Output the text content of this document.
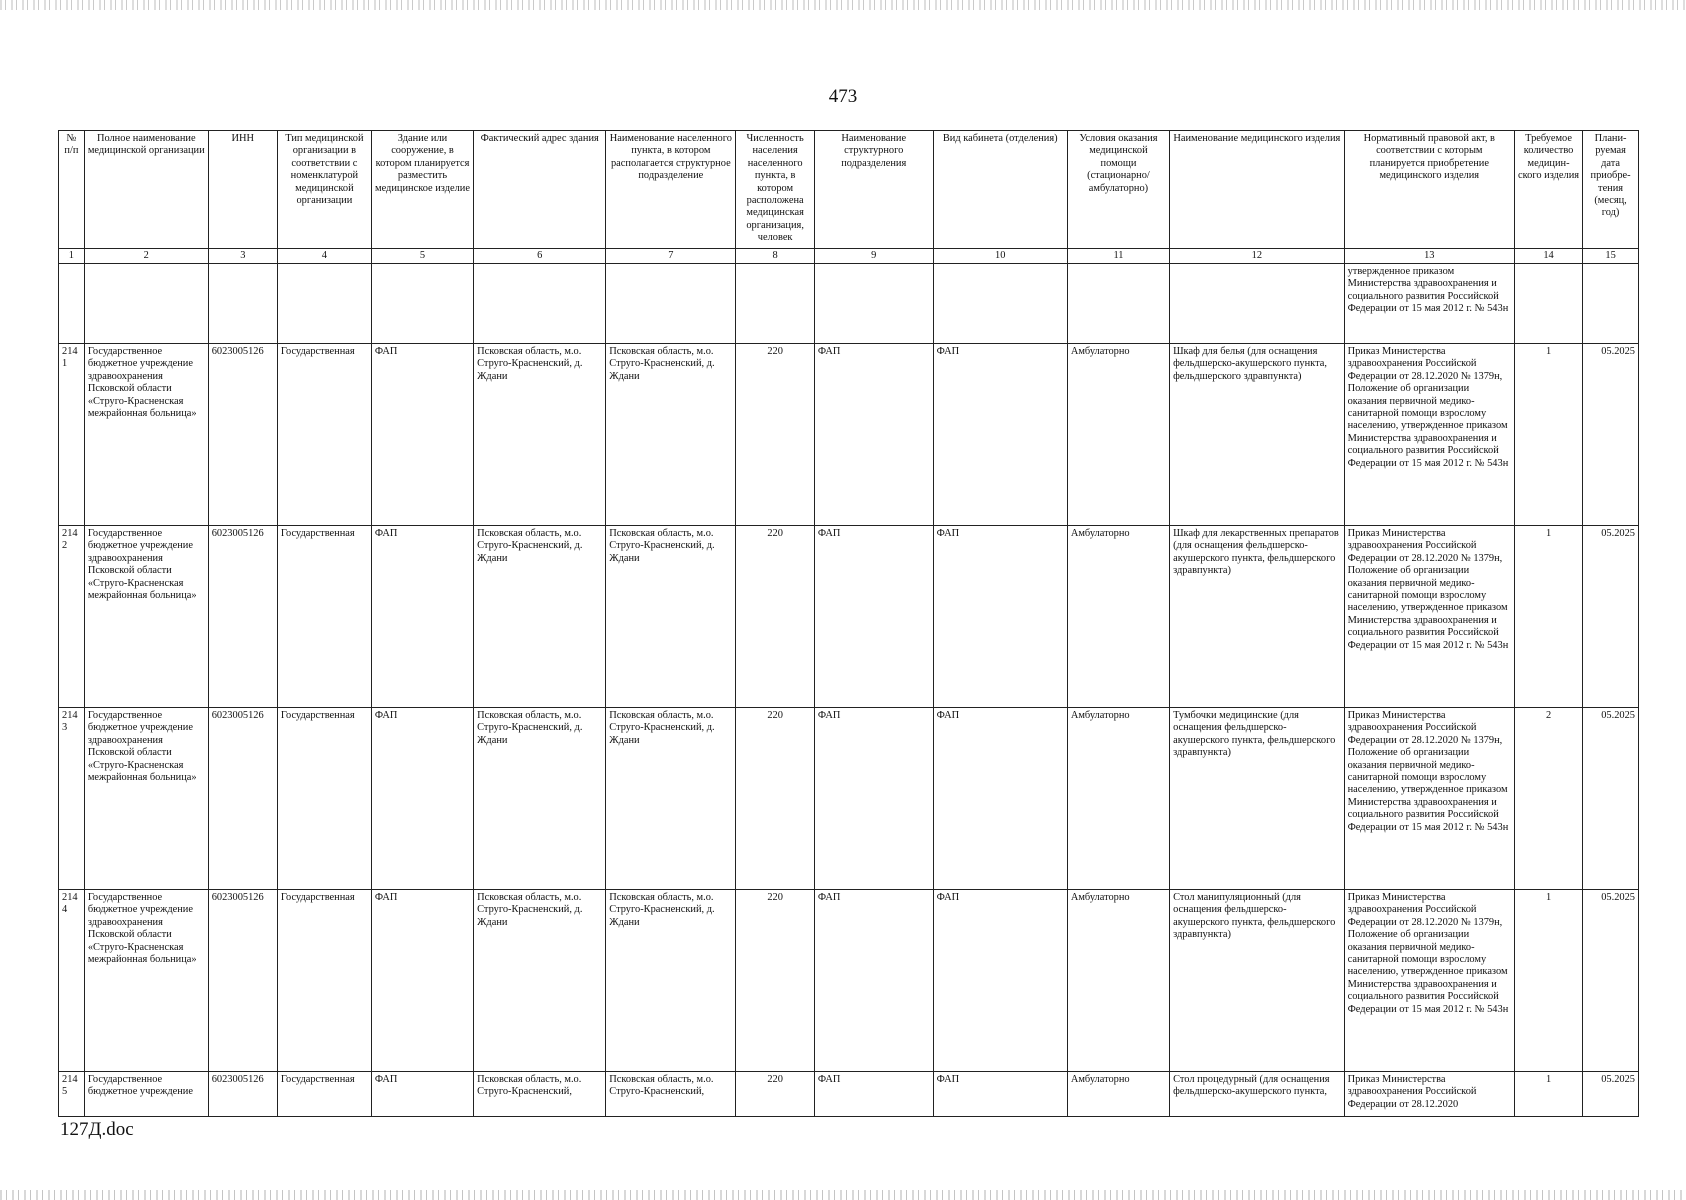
473
№ п/п	Полное наименование медицинской организации	ИНН	Тип медицинской организации в соответствии с номенклатурой медицинской организации	Здание или сооружение, в котором планируется разместить медицинское изделие	Фактический адрес здания	Наименование населенного пункта, в котором располагается структурное подразделение	Численность населения населенного пункта, в котором расположена медицинская организация, человек	Наименование структурного подразделения	Вид кабинета (отделения)	Условия оказания медицинской помощи (стационарно/ амбулаторно)	Наименование медицинского изделия	Нормативный правовой акт, в соответствии с которым планируется приобретение медицинского изделия	Требуемое количество медицин-ского изделия	Плани-руемая дата приобре-тения (месяц, год)
1	2	3	4	5	6	7	8	9	10	11	12	13	14	15
												утвержденное приказом Министерства здравоохранения и социального развития Российской Федерации от 15 мая 2012 г. № 543н		
2141	Государственное бюджетное учреждение здравоохранения Псковской области «Струго-Красненская межрайонная больница»	6023005126	Государственная	ФАП	Псковская область, м.о. Струго-Красненский, д. Ждани	Псковская область, м.о. Струго-Красненский, д. Ждани	220	ФАП	ФАП	Амбулаторно	Шкаф для белья (для оснащения фельдшерско-акушерского пункта, фельдшерского здравпункта)	Приказ Министерства здравоохранения Российской Федерации от 28.12.2020 № 1379н, Положение об организации оказания первичной медико-санитарной помощи взрослому населению, утвержденное приказом Министерства здравоохранения и социального развития Российской Федерации от 15 мая 2012 г. № 543н	1	05.2025
2142	Государственное бюджетное учреждение здравоохранения Псковской области «Струго-Красненская межрайонная больница»	6023005126	Государственная	ФАП	Псковская область, м.о. Струго-Красненский, д. Ждани	Псковская область, м.о. Струго-Красненский, д. Ждани	220	ФАП	ФАП	Амбулаторно	Шкаф для лекарственных препаратов (для оснащения фельдшерско-акушерского пункта, фельдшерского здравпункта)	Приказ Министерства здравоохранения Российской Федерации от 28.12.2020 № 1379н, Положение об организации оказания первичной медико-санитарной помощи взрослому населению, утвержденное приказом Министерства здравоохранения и социального развития Российской Федерации от 15 мая 2012 г. № 543н	1	05.2025
2143	Государственное бюджетное учреждение здравоохранения Псковской области «Струго-Красненская межрайонная больница»	6023005126	Государственная	ФАП	Псковская область, м.о. Струго-Красненский, д. Ждани	Псковская область, м.о. Струго-Красненский, д. Ждани	220	ФАП	ФАП	Амбулаторно	Тумбочки медицинские (для оснащения фельдшерско-акушерского пункта, фельдшерского здравпункта)	Приказ Министерства здравоохранения Российской Федерации от 28.12.2020 № 1379н, Положение об организации оказания первичной медико-санитарной помощи взрослому населению, утвержденное приказом Министерства здравоохранения и социального развития Российской Федерации от 15 мая 2012 г. № 543н	2	05.2025
2144	Государственное бюджетное учреждение здравоохранения Псковской области «Струго-Красненская межрайонная больница»	6023005126	Государственная	ФАП	Псковская область, м.о. Струго-Красненский, д. Ждани	Псковская область, м.о. Струго-Красненский, д. Ждани	220	ФАП	ФАП	Амбулаторно	Стол манипуляционный (для оснащения фельдшерско-акушерского пункта, фельдшерского здравпункта)	Приказ Министерства здравоохранения Российской Федерации от 28.12.2020 № 1379н, Положение об организации оказания первичной медико-санитарной помощи взрослому населению, утвержденное приказом Министерства здравоохранения и социального развития Российской Федерации от 15 мая 2012 г. № 543н	1	05.2025
2145	Государственное бюджетное учреждение	6023005126	Государственная	ФАП	Псковская область, м.о. Струго-Красненский,	Псковская область, м.о. Струго-Красненский,	220	ФАП	ФАП	Амбулаторно	Стол процедурный (для оснащения фельдшерско-акушерского пункта,	Приказ Министерства здравоохранения Российской Федерации от 28.12.2020	1	05.2025
127Д.doc
